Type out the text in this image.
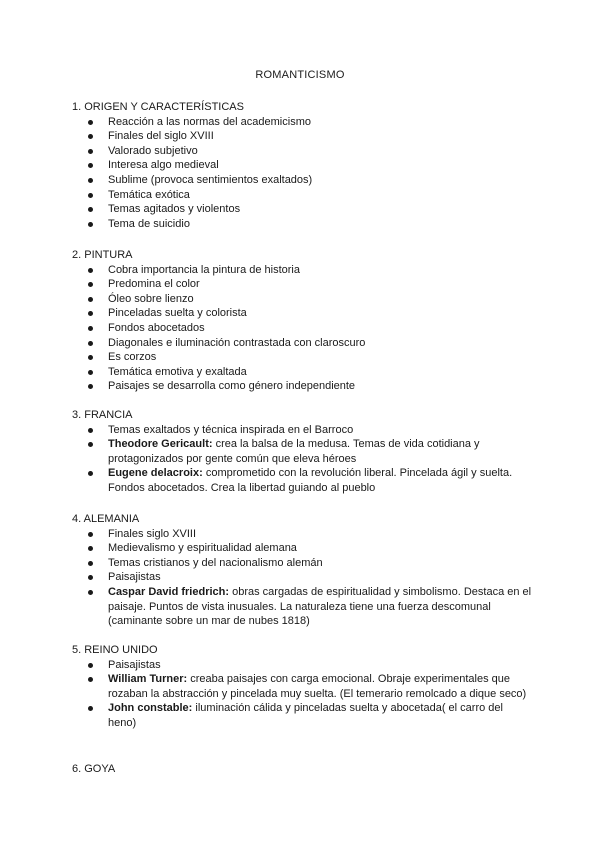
ROMANTICISMO

1. ORIGEN Y CARACTERÍSTICAS

Reacción a las normas del academicismo
Finales del siglo XVIII
Valorado subjetivo
Interesa algo medieval
Sublime (provoca sentimientos exaltados)
Temática exótica
Temas agitados y violentos
Tema de suicidio

2. PINTURA

Cobra importancia la pintura de historia
Predomina el color
Óleo sobre lienzo
Pinceladas suelta y colorista
Fondos abocetados
Diagonales e iluminación contrastada con claroscuro
Es corzos
Temática emotiva y exaltada
Paisajes se desarrolla como género independiente

3. FRANCIA

Temas exaltados y técnica inspirada en el Barroco
Theodore Gericault: crea la balsa de la medusa. Temas de vida cotidiana y protagonizados por gente común que eleva héroes
Eugene delacroix: comprometido con la revolución liberal. Pincelada ágil y suelta. Fondos abocetados. Crea la libertad guiando al pueblo

4. ALEMANIA

Finales siglo XVIII
Medievalismo y espiritualidad alemana
Temas cristianos y del nacionalismo alemán
Paisajistas
Caspar David friedrich: obras cargadas de espiritualidad y simbolismo. Destaca en el paisaje. Puntos de vista inusuales. La naturaleza tiene una fuerza descomunal (caminante sobre un mar de nubes 1818)

5. REINO UNIDO

Paisajistas
William Turner: creaba paisajes con carga emocional. Obraje experimentales que rozaban la abstracción y pincelada muy suelta. (El temerario remolcado a dique seco)
John constable: iluminación cálida y pinceladas suelta y abocetada( el carro del heno)

6. GOYA
